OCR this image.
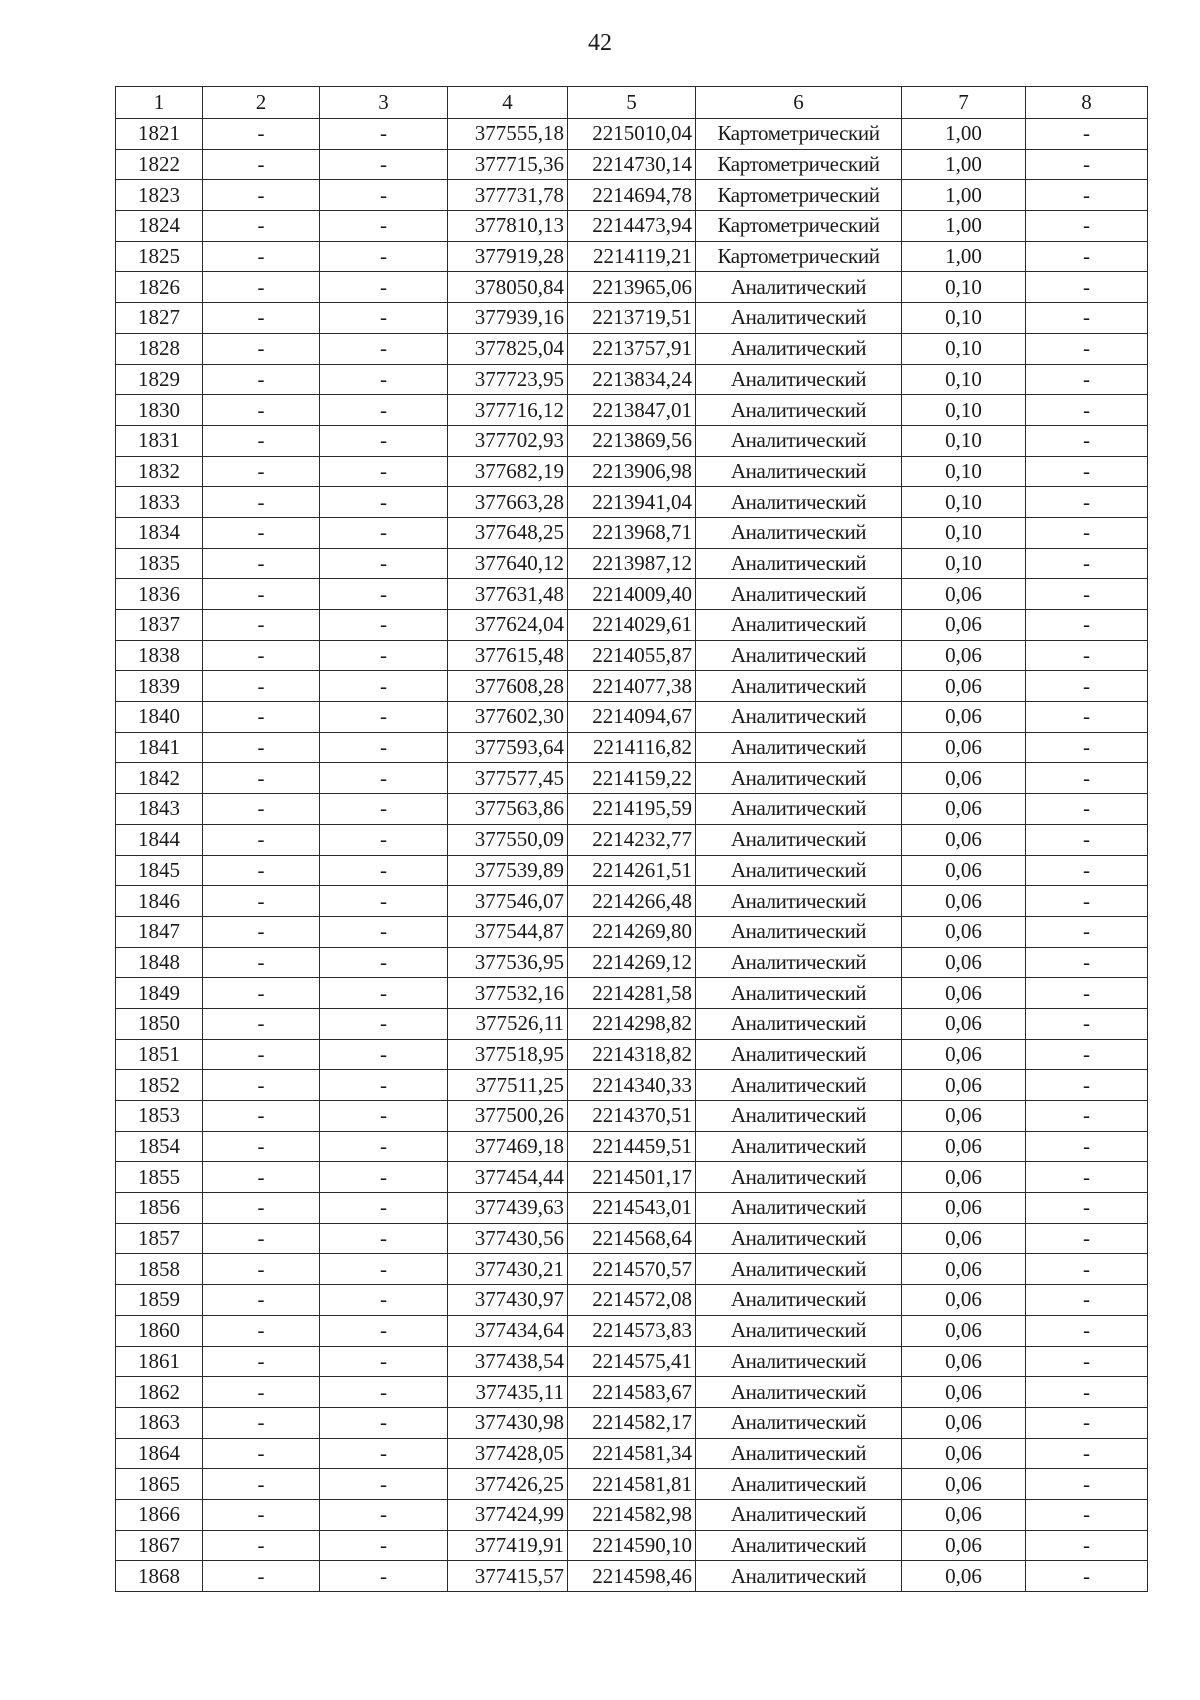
42
1	2	3	4	5	6	7	8
1821	-	-	377555,18	2215010,04	Картометрический	1,00	-
1822	-	-	377715,36	2214730,14	Картометрический	1,00	-
1823	-	-	377731,78	2214694,78	Картометрический	1,00	-
1824	-	-	377810,13	2214473,94	Картометрический	1,00	-
1825	-	-	377919,28	2214119,21	Картометрический	1,00	-
1826	-	-	378050,84	2213965,06	Аналитический	0,10	-
1827	-	-	377939,16	2213719,51	Аналитический	0,10	-
1828	-	-	377825,04	2213757,91	Аналитический	0,10	-
1829	-	-	377723,95	2213834,24	Аналитический	0,10	-
1830	-	-	377716,12	2213847,01	Аналитический	0,10	-
1831	-	-	377702,93	2213869,56	Аналитический	0,10	-
1832	-	-	377682,19	2213906,98	Аналитический	0,10	-
1833	-	-	377663,28	2213941,04	Аналитический	0,10	-
1834	-	-	377648,25	2213968,71	Аналитический	0,10	-
1835	-	-	377640,12	2213987,12	Аналитический	0,10	-
1836	-	-	377631,48	2214009,40	Аналитический	0,06	-
1837	-	-	377624,04	2214029,61	Аналитический	0,06	-
1838	-	-	377615,48	2214055,87	Аналитический	0,06	-
1839	-	-	377608,28	2214077,38	Аналитический	0,06	-
1840	-	-	377602,30	2214094,67	Аналитический	0,06	-
1841	-	-	377593,64	2214116,82	Аналитический	0,06	-
1842	-	-	377577,45	2214159,22	Аналитический	0,06	-
1843	-	-	377563,86	2214195,59	Аналитический	0,06	-
1844	-	-	377550,09	2214232,77	Аналитический	0,06	-
1845	-	-	377539,89	2214261,51	Аналитический	0,06	-
1846	-	-	377546,07	2214266,48	Аналитический	0,06	-
1847	-	-	377544,87	2214269,80	Аналитический	0,06	-
1848	-	-	377536,95	2214269,12	Аналитический	0,06	-
1849	-	-	377532,16	2214281,58	Аналитический	0,06	-
1850	-	-	377526,11	2214298,82	Аналитический	0,06	-
1851	-	-	377518,95	2214318,82	Аналитический	0,06	-
1852	-	-	377511,25	2214340,33	Аналитический	0,06	-
1853	-	-	377500,26	2214370,51	Аналитический	0,06	-
1854	-	-	377469,18	2214459,51	Аналитический	0,06	-
1855	-	-	377454,44	2214501,17	Аналитический	0,06	-
1856	-	-	377439,63	2214543,01	Аналитический	0,06	-
1857	-	-	377430,56	2214568,64	Аналитический	0,06	-
1858	-	-	377430,21	2214570,57	Аналитический	0,06	-
1859	-	-	377430,97	2214572,08	Аналитический	0,06	-
1860	-	-	377434,64	2214573,83	Аналитический	0,06	-
1861	-	-	377438,54	2214575,41	Аналитический	0,06	-
1862	-	-	377435,11	2214583,67	Аналитический	0,06	-
1863	-	-	377430,98	2214582,17	Аналитический	0,06	-
1864	-	-	377428,05	2214581,34	Аналитический	0,06	-
1865	-	-	377426,25	2214581,81	Аналитический	0,06	-
1866	-	-	377424,99	2214582,98	Аналитический	0,06	-
1867	-	-	377419,91	2214590,10	Аналитический	0,06	-
1868	-	-	377415,57	2214598,46	Аналитический	0,06	-
